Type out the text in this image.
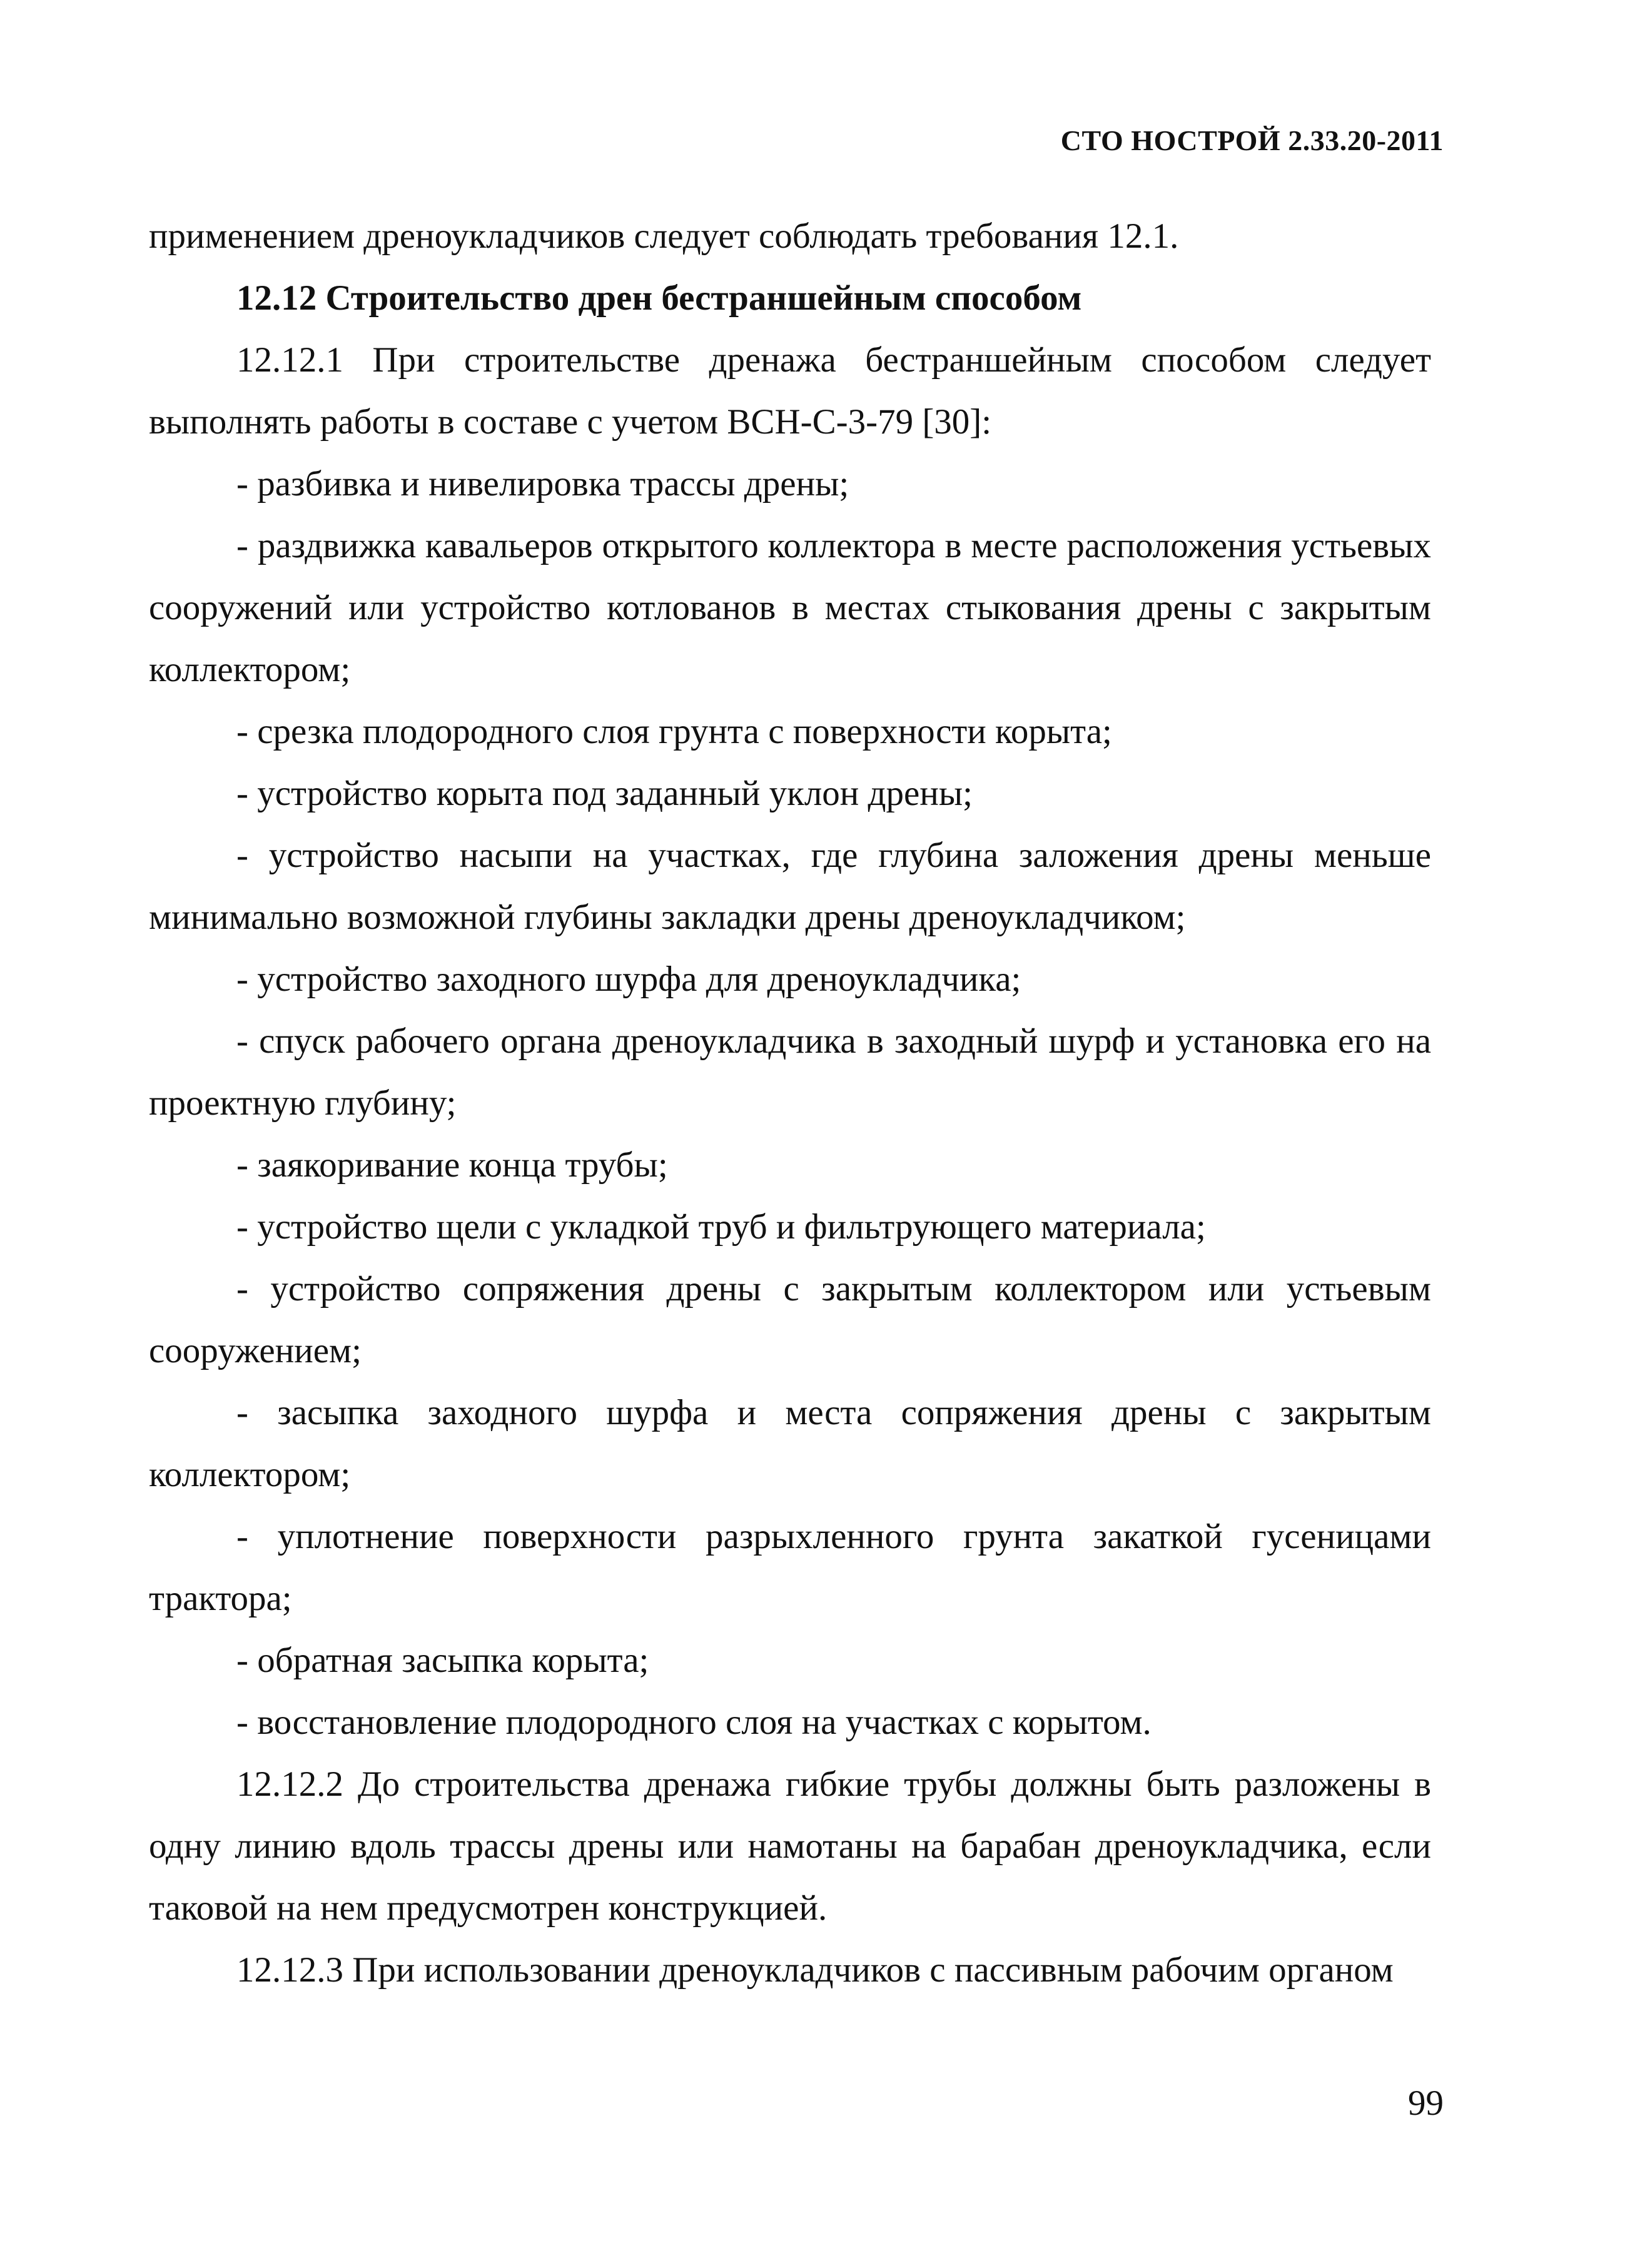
СТО НОСТРОЙ 2.33.20-2011

применением дреноукладчиков следует соблюдать требования 12.1.

12.12 Строительство дрен бестраншейным способом

12.12.1 При строительстве дренажа бестраншейным способом следует выполнять работы в составе с учетом ВСН-С-3-79 [30]:

- разбивка и нивелировка трассы дрены;

- раздвижка кавальеров открытого коллектора в месте расположения устьевых сооружений или устройство котлованов в местах стыкования дрены с закрытым коллектором;

- срезка плодородного слоя грунта с поверхности корыта;

- устройство корыта под заданный уклон дрены;

- устройство насыпи на участках, где глубина заложения дрены меньше минимально возможной глубины закладки дрены дреноукладчиком;

- устройство заходного шурфа для дреноукладчика;

- спуск рабочего органа дреноукладчика в заходный шурф и установка его на проектную глубину;

- заякоривание конца трубы;

- устройство щели с укладкой труб и фильтрующего материала;

- устройство сопряжения дрены с закрытым коллектором или устьевым сооружением;

- засыпка заходного шурфа и места сопряжения дрены с закрытым коллектором;

- уплотнение поверхности разрыхленного грунта закаткой гусеницами трактора;

- обратная засыпка корыта;

- восстановление плодородного слоя на участках с корытом.

12.12.2 До строительства дренажа гибкие трубы должны быть разложены в одну линию вдоль трассы дрены или намотаны на барабан дреноукладчика, если таковой на нем предусмотрен конструкцией.

12.12.3 При использовании дреноукладчиков с пассивным рабочим органом

99
